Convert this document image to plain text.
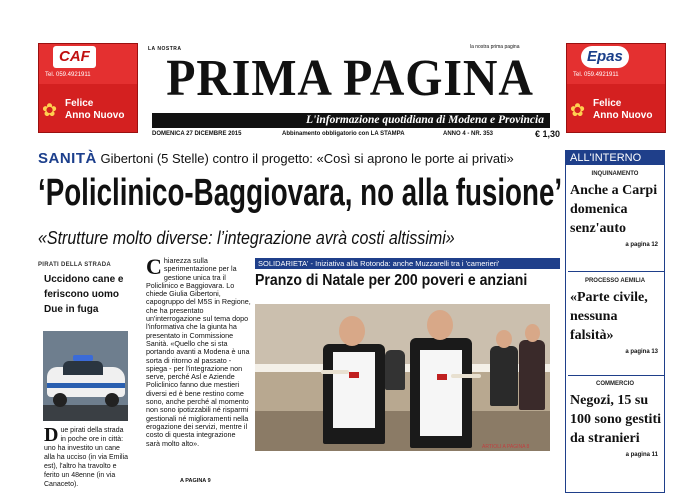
CAF
Tel. 059.4921911
✿ Felice
Anno Nuovo
Epas
Tel. 059.4921911
✿ Felice
Anno Nuovo
LA NOSTRA	la nostra prima pagina
PRIMA PAGINA
L'informazione quotidiana di Modena e Provincia
DOMENICA 27 DICEMBRE 2015	Abbinamento obbligatorio con LA STAMPA	ANNO 4 - NR. 353	€ 1,30
SANITÀ Gibertoni (5 Stelle) contro il progetto: «Così si aprono le porte ai privati»
‘Policlinico-Baggiovara, no alla fusione’
«Strutture molto diverse: l’integrazione avrà costi altissimi»
PIRATI DELLA STRADA
Uccidono cane e feriscono uomo
Due in fuga
Due pirati della strada in poche ore in città: uno ha investito un cane alla ha ucciso (in via Emilia est), l'altro ha travolto e ferito un 48enne (in via Canaceto).
Chiarezza sulla sperimentazione per la gestione unica tra il Policlinico e Baggiovara. Lo chiede Giulia Gibertoni, capogruppo del M5S in Regione, che ha presentato un'interrogazione sul tema dopo l'informativa che la giunta ha presentato in Commissione Sanità. «Quello che si sta portando avanti a Modena è una sorta di ritorno al passato - spiega - per l'integrazione non serve, perché Asl e Aziende Policlinico fanno due mestieri diversi ed è bene restino come sono, anche perché al momento non sono ipotizzabili né risparmi gestionali né miglioramenti nella erogazione dei servizi, mentre il costo di questa integrazione sarà molto alto».
A PAGINA 9
SOLIDARIETA' - Iniziativa alla Rotonda: anche Muzzarelli tra i 'camerieri'
Pranzo di Natale per 200 poveri e anziani
ARTIOLI A PAGINA 8
ALL'INTERNO
INQUINAMENTO
Anche a Carpi domenica senz'auto
a pagina 12
PROCESSO AEMILIA
«Parte civile, nessuna falsità»
a pagina 13
COMMERCIO
Negozi, 15 su 100 sono gestiti da stranieri
a pagina 11
